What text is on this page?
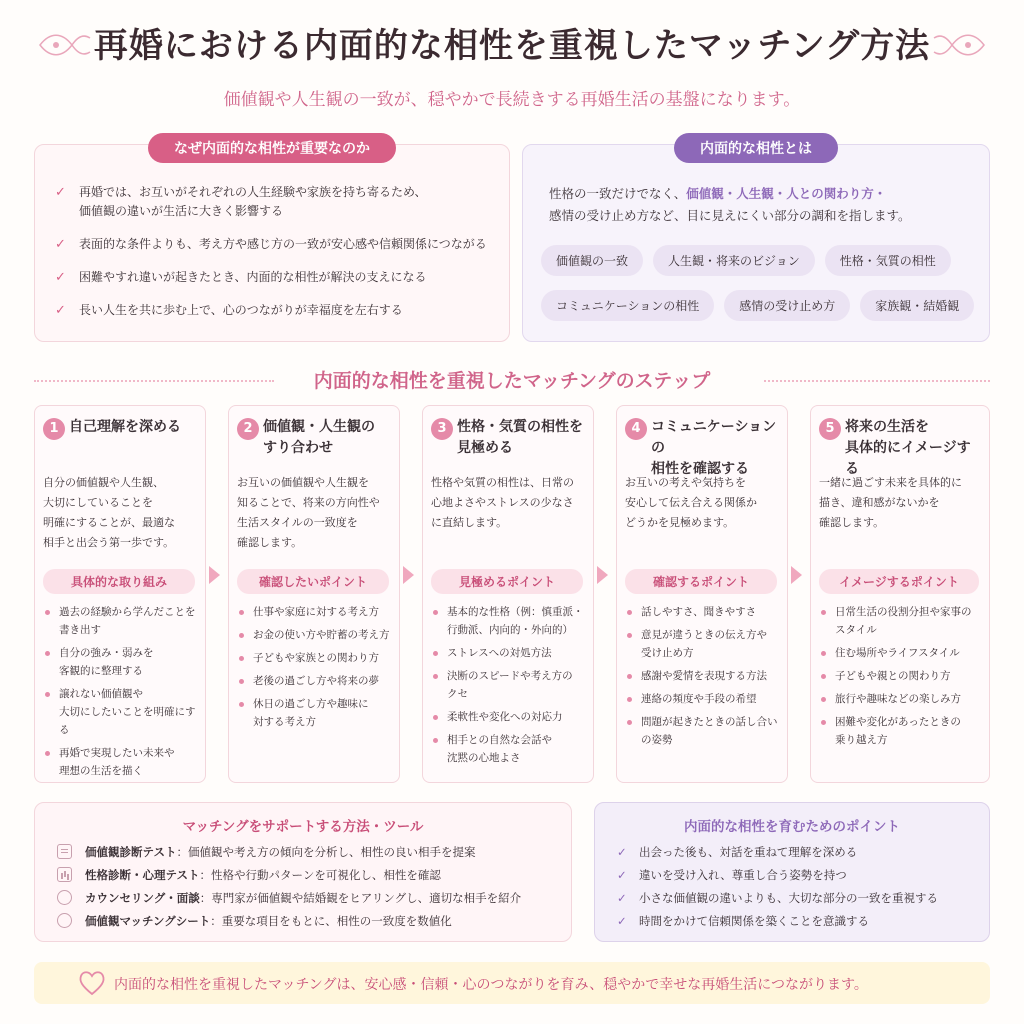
再婚における内面的な相性を重視したマッチング方法

価値観や人生観の一致が、穏やかで長続きする再婚生活の基盤になります。

なぜ内面的な相性が重要なのか
✓ 再婚では、お互いがそれぞれの人生経験や家族を持ち寄るため、
価値観の違いが生活に大きく影響する
✓ 表面的な条件よりも、考え方や感じ方の一致が安心感や信頼関係につながる
✓ 困難やすれ違いが起きたとき、内面的な相性が解決の支えになる
✓ 長い人生を共に歩む上で、心のつながりが幸福度を左右する
内面的な相性とは

性格の一致だけでなく、価値観・人生観・人との関わり方・
感情の受け止め方など、目に見えにくい部分の調和を指します。

価値観の一致	人生観・将来のビジョン	性格・気質の相性
コミュニケーションの相性	感情の受け止め方	家族観・結婚観
内面的な相性を重視したマッチングのステップ
1 自己理解を深める
自分の価値観や人生観、
大切にしていることを
明確にすることが、最適な
相手と出会う第一歩です。
具体的な取り組み
過去の経験から学んだことを書き出す
自分の強み・弱みを
客観的に整理する
譲れない価値観や
大切にしたいことを明確にする
再婚で実現したい未来や
理想の生活を描く
2 価値観・人生観の
すり合わせ
お互いの価値観や人生観を
知ることで、将来の方向性や
生活スタイルの一致度を
確認します。
確認したいポイント
仕事や家庭に対する考え方
お金の使い方や貯蓄の考え方
子どもや家族との関わり方
老後の過ごし方や将来の夢
休日の過ごし方や趣味に
対する考え方
3 性格・気質の相性を
見極める
性格や気質の相性は、日常の
心地よさやストレスの少なさ
に直結します。
見極めるポイント
基本的な性格（例：慎重派・
行動派、内向的・外向的）
ストレスへの対処方法
決断のスピードや考え方の
クセ
柔軟性や変化への対応力
相手との自然な会話や
沈黙の心地よさ
4 コミュニケーションの
相性を確認する
お互いの考えや気持ちを
安心して伝え合える関係か
どうかを見極めます。
確認するポイント
話しやすさ、聞きやすさ
意見が違うときの伝え方や
受け止め方
感謝や愛情を表現する方法
連絡の頻度や手段の希望
問題が起きたときの話し合い
の姿勢
5 将来の生活を
具体的にイメージする
一緒に過ごす未来を具体的に
描き、違和感がないかを
確認します。
イメージするポイント
日常生活の役割分担や家事の
スタイル
住む場所やライフスタイル
子どもや親との関わり方
旅行や趣味などの楽しみ方
困難や変化があったときの
乗り越え方
マッチングをサポートする方法・ツール
価値観診断テスト：価値観や考え方の傾向を分析し、相性の良い相手を提案
性格診断・心理テスト：性格や行動パターンを可視化し、相性を確認
カウンセリング・面談：専門家が価値観や結婚観をヒアリングし、適切な相手を紹介
価値観マッチングシート：重要な項目をもとに、相性の一致度を数値化
内面的な相性を育むためのポイント
✓ 出会った後も、対話を重ねて理解を深める
✓ 違いを受け入れ、尊重し合う姿勢を持つ
✓ 小さな価値観の違いよりも、大切な部分の一致を重視する
✓ 時間をかけて信頼関係を築くことを意識する
内面的な相性を重視したマッチングは、安心感・信頼・心のつながりを育み、穏やかで幸せな再婚生活につながります。
